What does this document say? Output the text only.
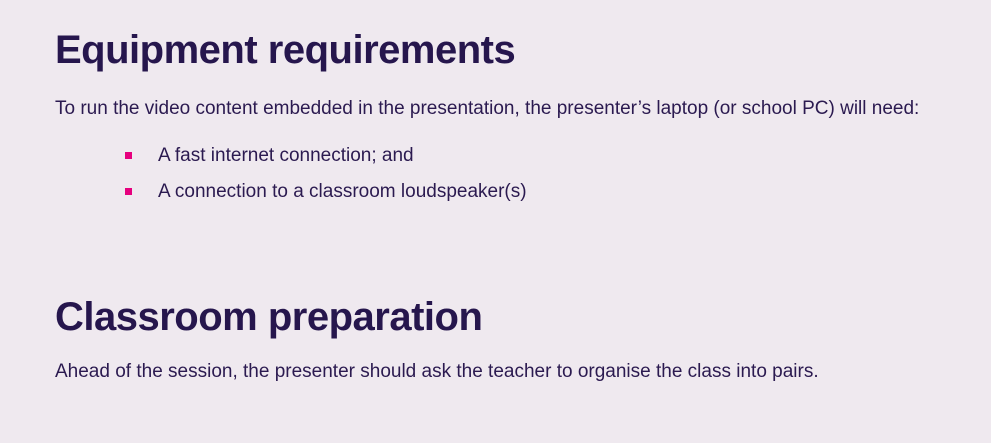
Equipment requirements

To run the video content embedded in the presentation, the presenter’s laptop (or school PC) will need:

A fast internet connection; and
A connection to a classroom loudspeaker(s)
Classroom preparation

Ahead of the session, the presenter should ask the teacher to organise the class into pairs.
